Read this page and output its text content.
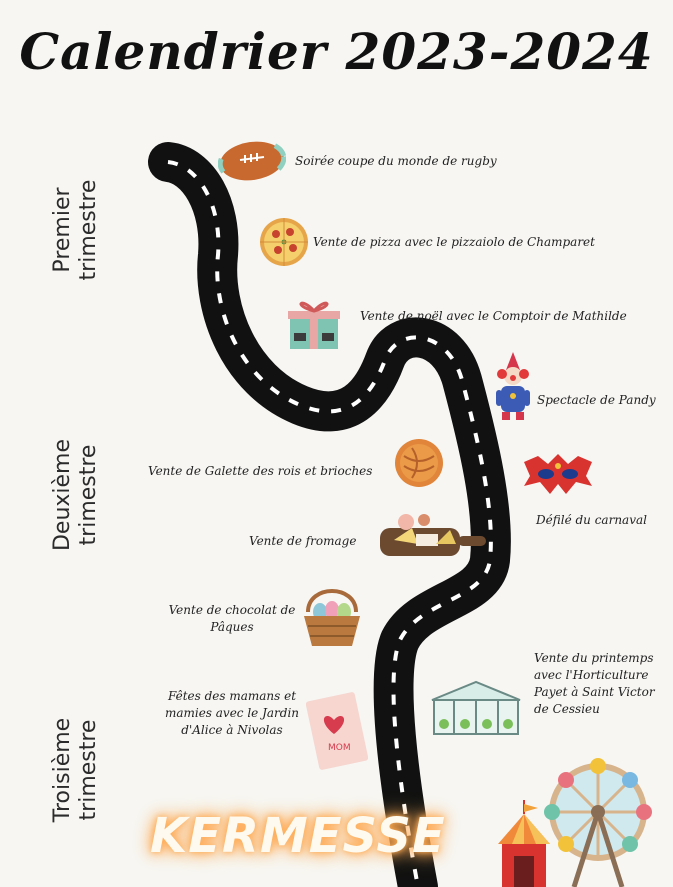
Calendrier 2023-2024
Premier
trimestre
Deuxième
trimestre
Troisième
trimestre
Soirée coupe du monde de rugby
Vente de pizza avec le pizzaiolo de Champaret
Vente de noël avec le Comptoir de Mathilde
Spectacle de Pandy
Vente de Galette des rois et brioches
Défilé du carnaval
Vente de fromage
Vente de chocolat de Pâques
Vente du printemps avec l'Horticulture Payet à Saint Victor de Cessieu
MOM
Fêtes des mamans et mamies avec le Jardin d'Alice à Nivolas
KERMESSE
